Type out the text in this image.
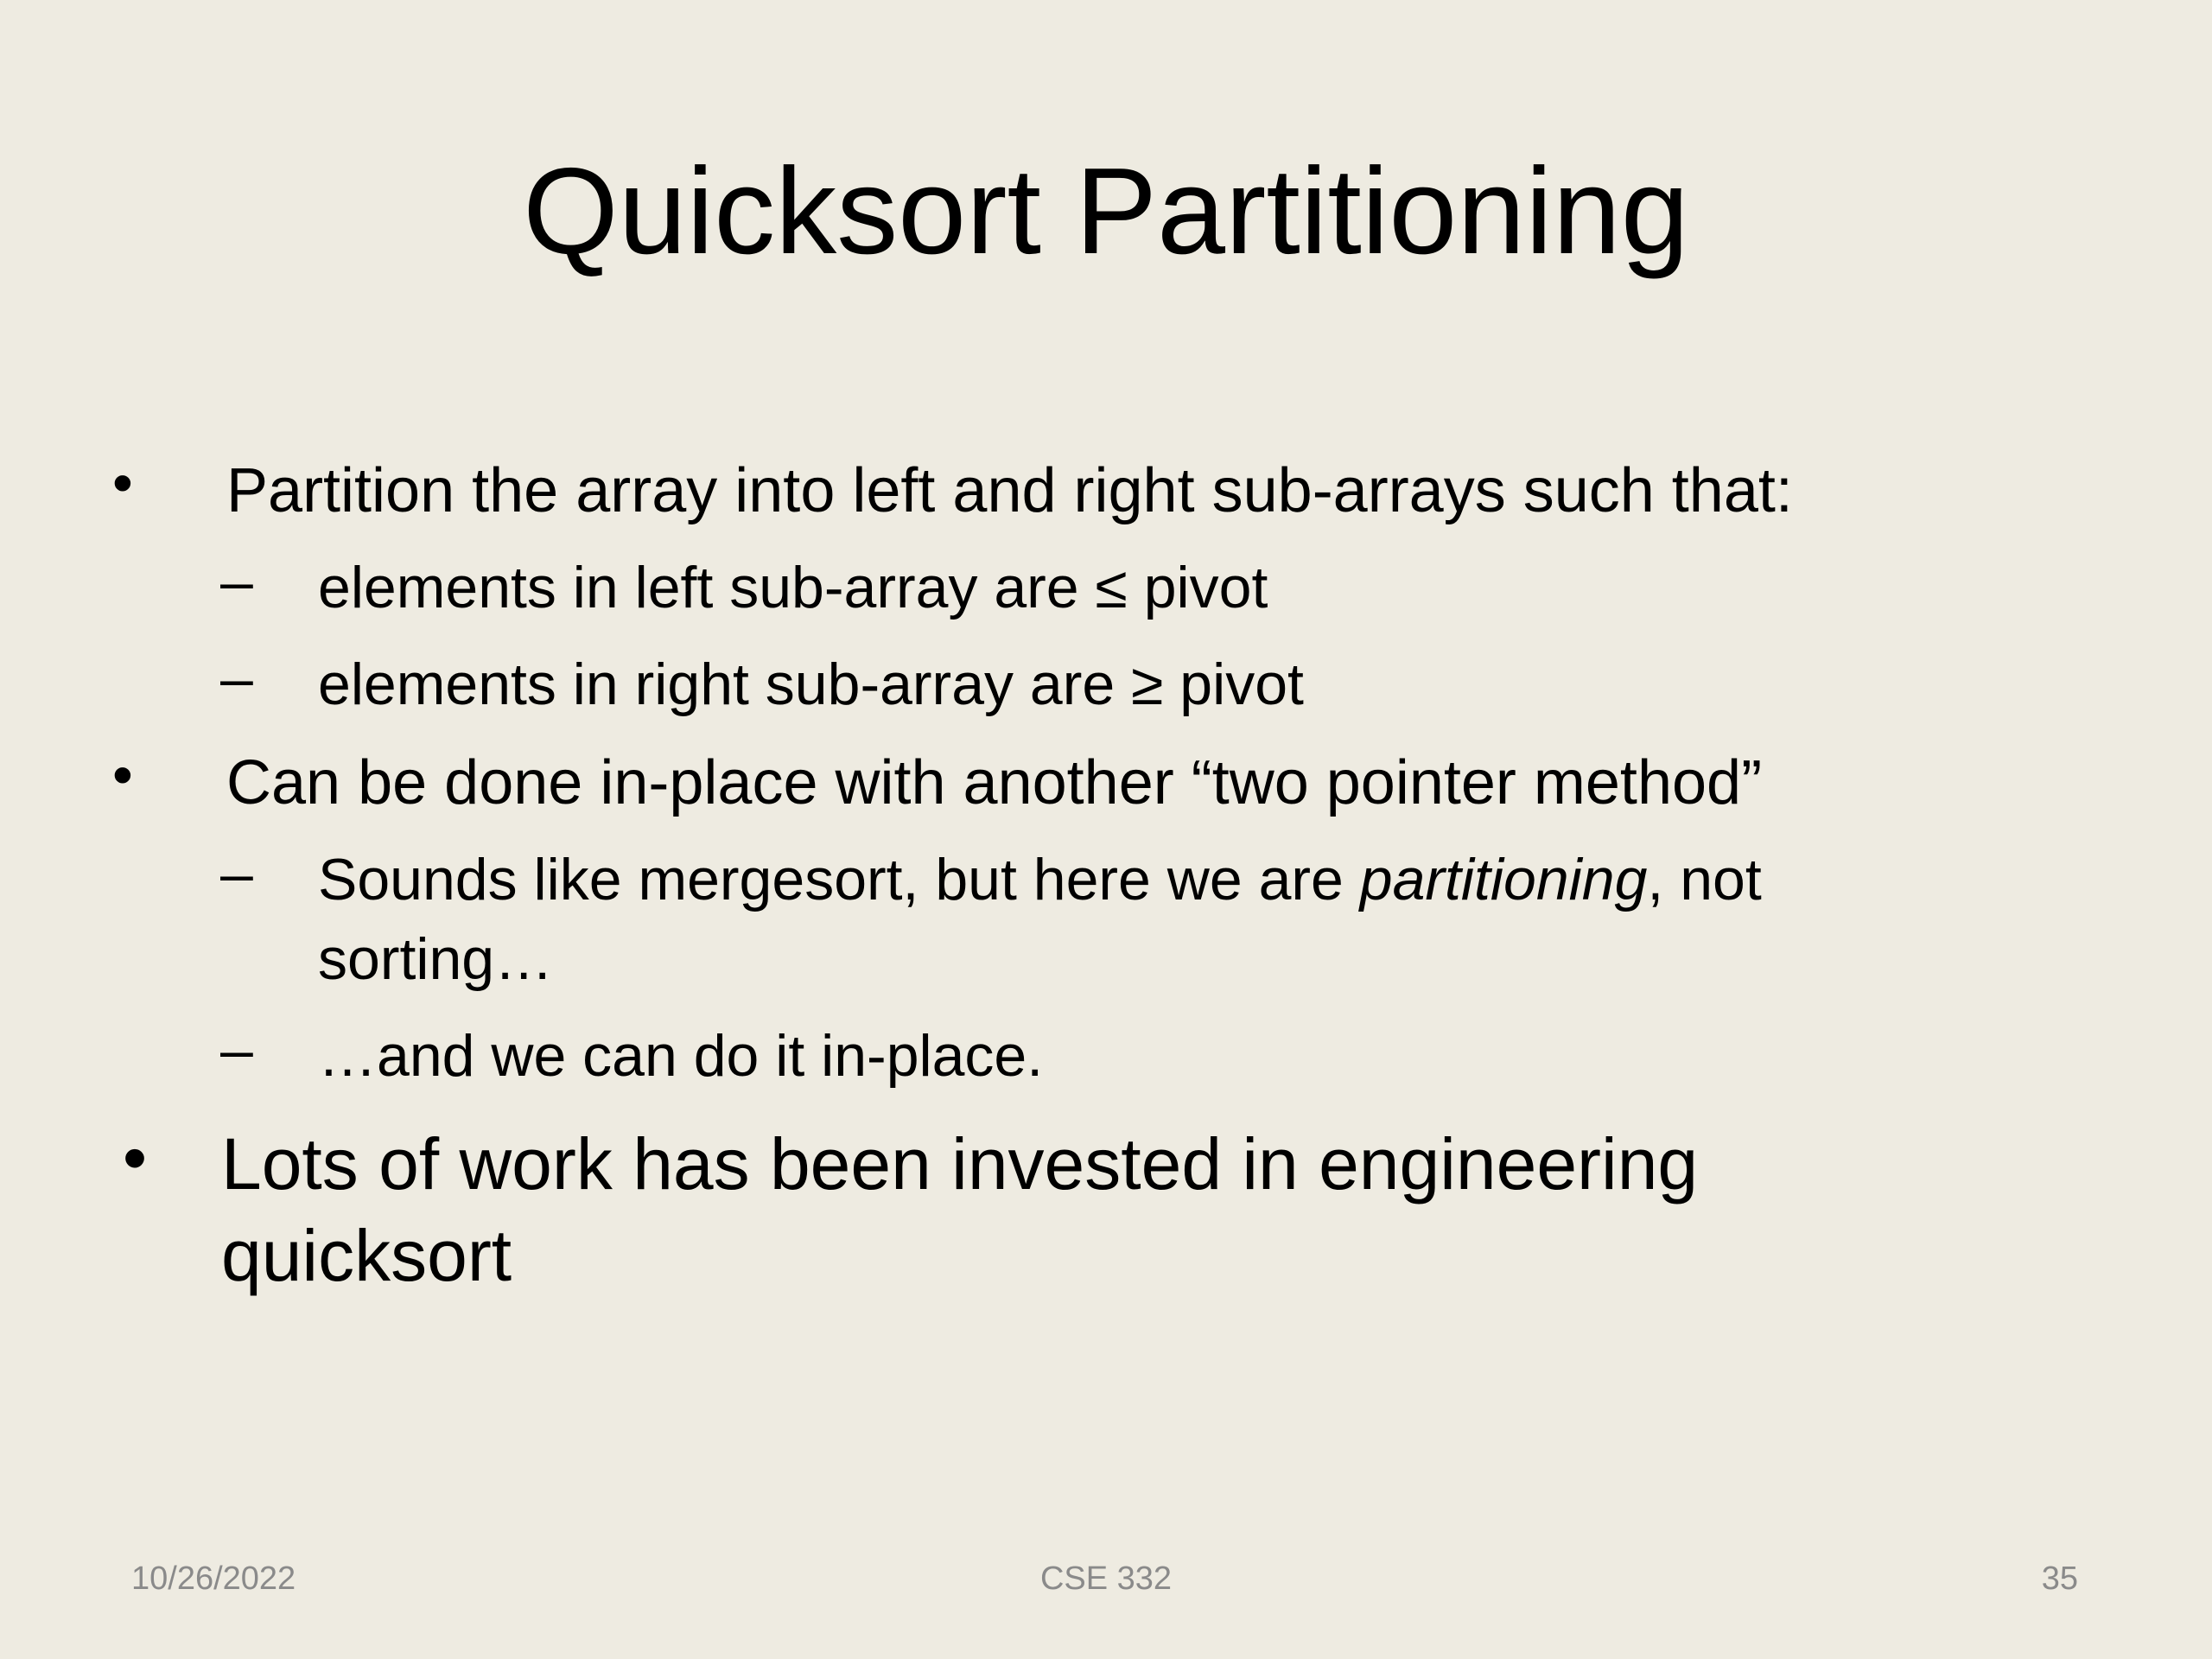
Quicksort Partitioning
• Partition the array into left and right sub-arrays such that:
– elements in left sub-array are ≤ pivot
– elements in right sub-array are ≥ pivot
• Can be done in-place with another “two pointer method”
– Sounds like mergesort, but here we are partitioning, not
sorting…
– …and we can do it in-place.
• Lots of work has been invested in engineering
quicksort
10/26/2022	CSE 332	35
